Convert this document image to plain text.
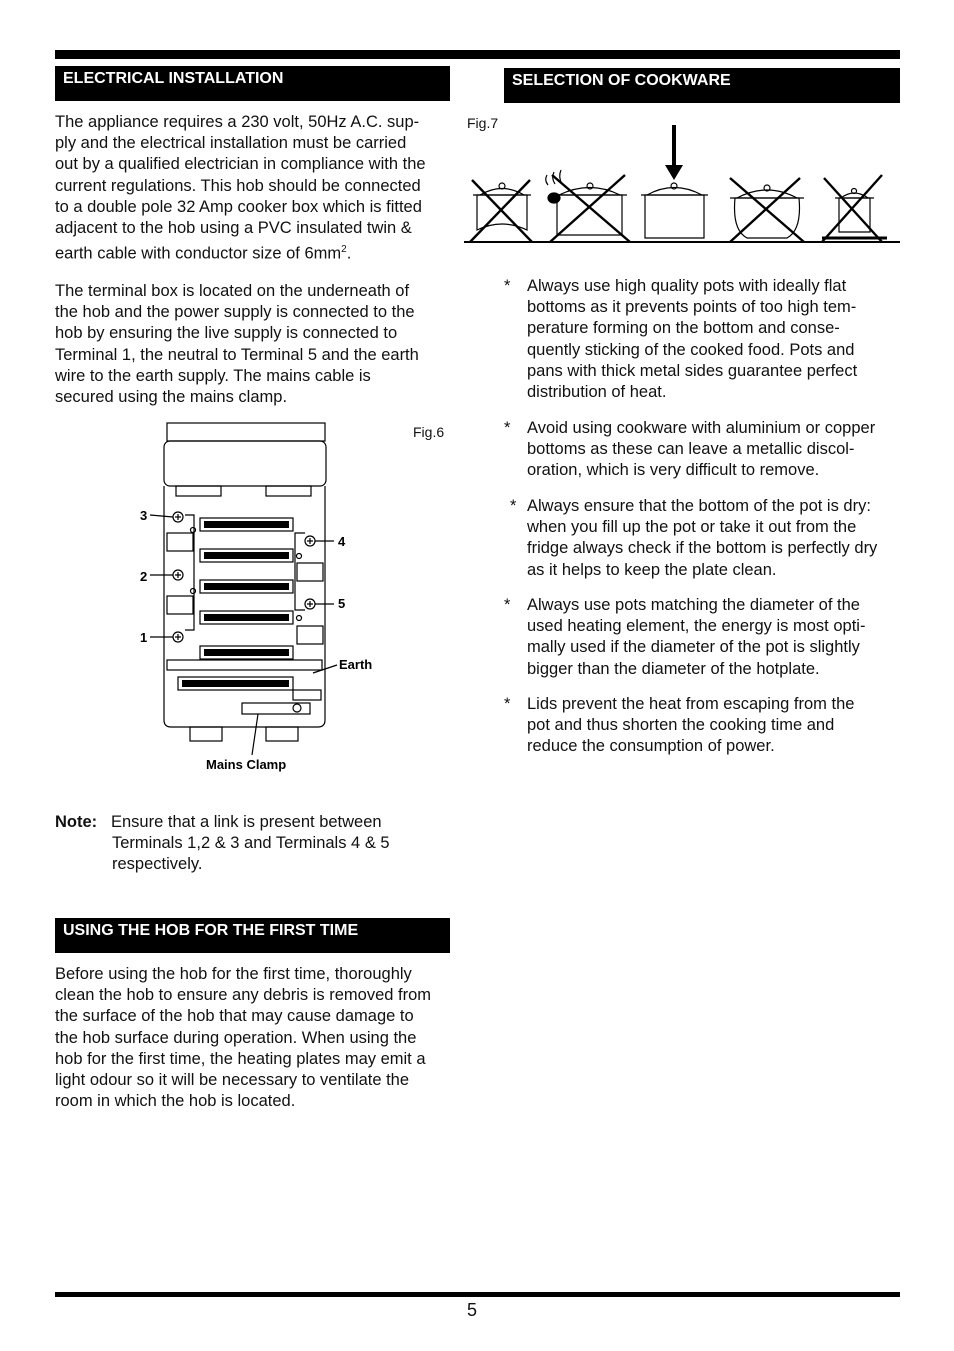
ELECTRICAL INSTALLATION
The appliance requires a 230 volt, 50Hz A.C. sup-
ply and the electrical installation must be carried
out by a qualified electrician in compliance with the
current regulations. This hob should be connected
to a double pole 32 Amp cooker box which is fitted
adjacent to the hob using a PVC insulated twin &
earth cable with conductor size of $6mm^2$.
The terminal box is located on the underneath of
the hob and the power supply is connected to the
hob by ensuring the live supply is connected to
Terminal 1, the neutral to Terminal 5 and the earth
wire to the earth supply. The mains cable is
secured using the mains clamp.
Fig.6
3
2
1
4
5
Earth
Mains Clamp
Note: Ensure that a link is present between
Terminals 1,2 & 3 and Terminals 4 & 5
respectively.
USING THE HOB FOR THE FIRST TIME
Before using the hob for the first time, thoroughly
clean the hob to ensure any debris is removed from
the surface of the hob that may cause damage to
the hob surface during operation. When using the
hob for the first time, the heating plates may emit a
light odour so it will be necessary to ventilate the
room in which the hob is located.
SELECTION OF COOKWARE
Fig.7
* Always use high quality pots with ideally flat
bottoms as it prevents points of too high tem-
perature forming on the bottom and conse-
quently sticking of the cooked food. Pots and
pans with thick metal sides guarantee perfect
distribution of heat.
* Avoid using cookware with aluminium or copper
bottoms as these can leave a metallic discol-
oration, which is very difficult to remove.
* Always ensure that the bottom of the pot is dry:
when you fill up the pot or take it out from the
fridge always check if the bottom is perfectly dry
as it helps to keep the plate clean.
* Always use pots matching the diameter of the
used heating element, the energy is most opti-
mally used if the diameter of the pot is slightly
bigger than the diameter of the hotplate.
* Lids prevent the heat from escaping from the
pot and thus shorten the cooking time and
reduce the consumption of power.
5
